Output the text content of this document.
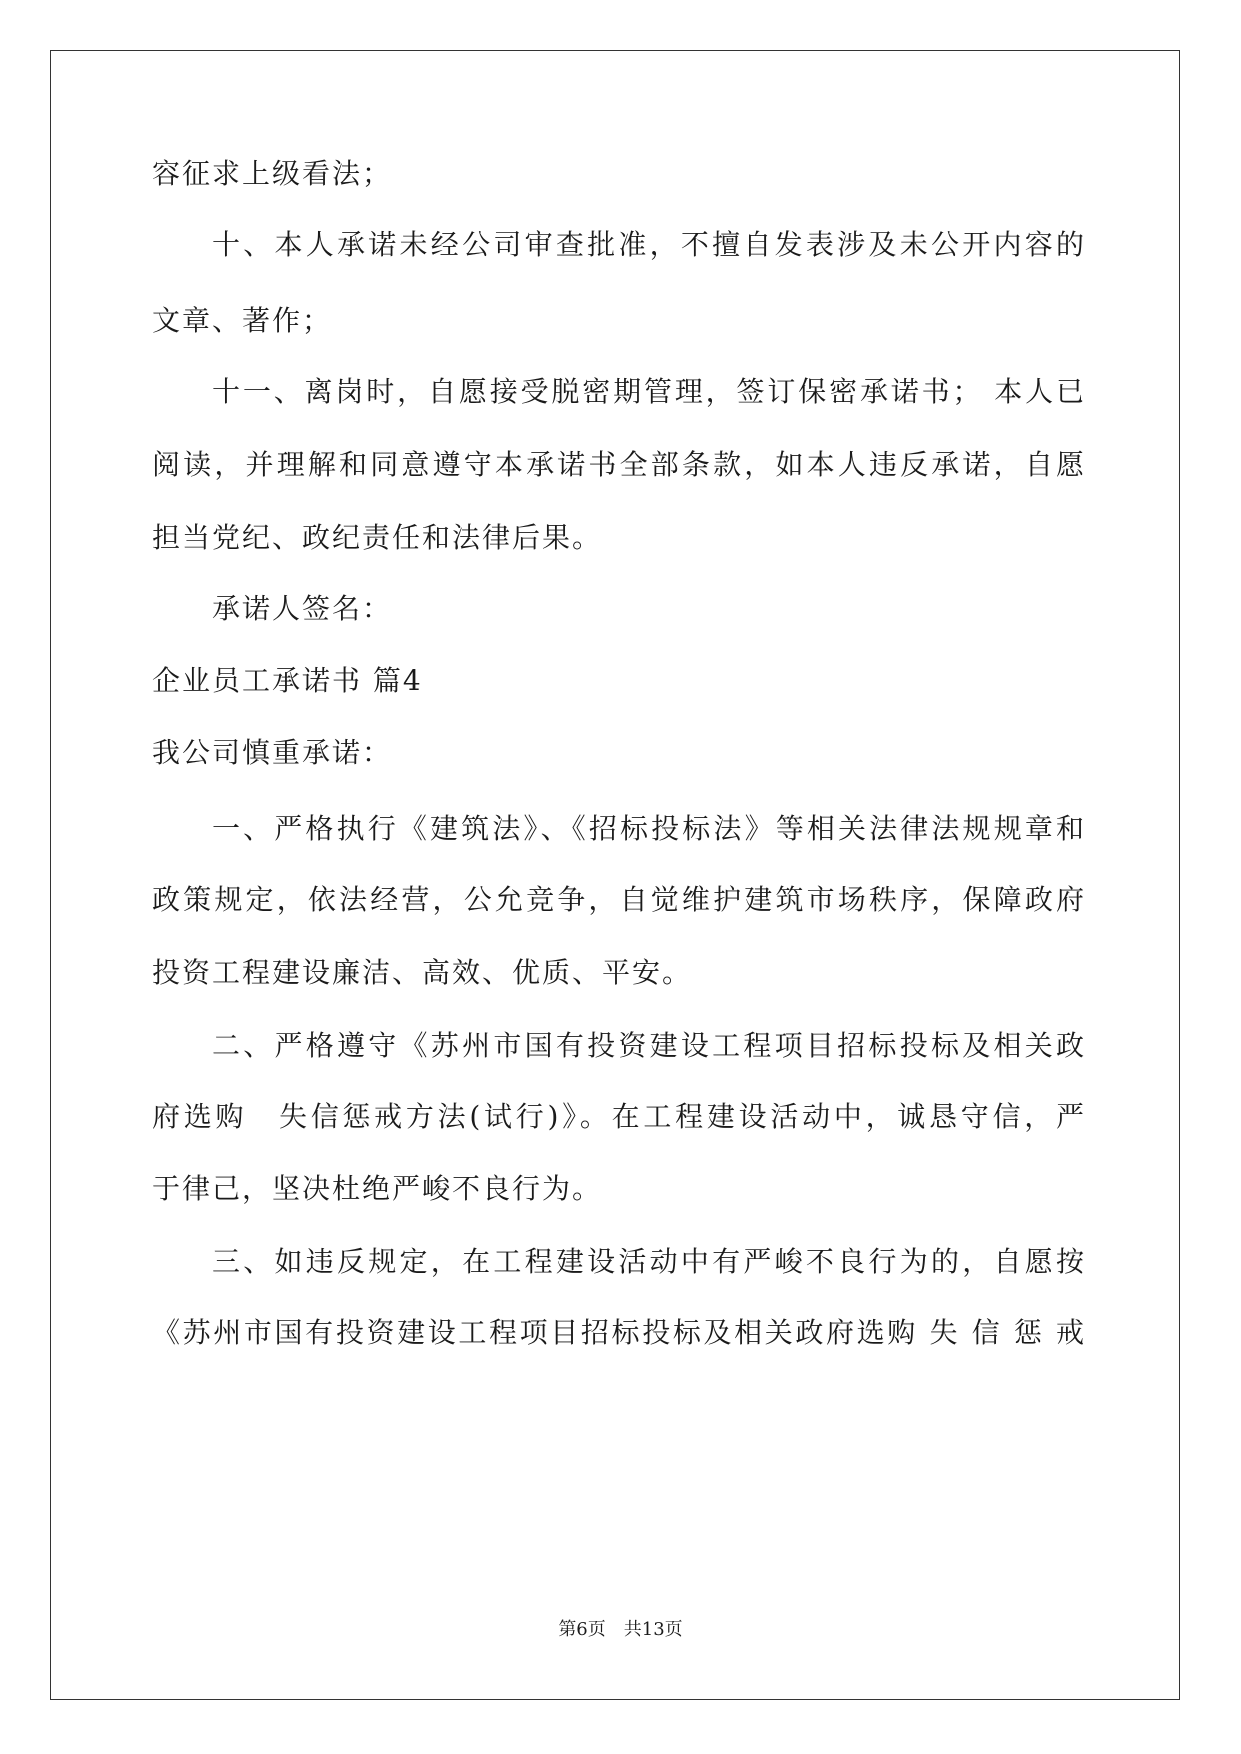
容征求上级看法；
十、本人承诺未经公司审查批准，不擅自发表涉及未公开内容的
文章、著作；
十一、离岗时，自愿接受脱密期管理，签订保密承诺书； 本人已
阅读，并理解和同意遵守本承诺书全部条款，如本人违反承诺，自愿
担当党纪、政纪责任和法律后果。
承诺人签名：
企业员工承诺书 篇4
我公司慎重承诺：
一、严格执行《建筑法》、《招标投标法》等相关法律法规规章和
政策规定，依法经营，公允竞争，自觉维护建筑市场秩序，保障政府
投资工程建设廉洁、高效、优质、平安。
二、严格遵守《苏州市国有投资建设工程项目招标投标及相关政
府选购　失信惩戒方法(试行)》。在工程建设活动中，诚恳守信，严
于律己，坚决杜绝严峻不良行为。
三、如违反规定，在工程建设活动中有严峻不良行为的，自愿按
《苏州市国有投资建设工程项目招标投标及相关政府选购 失 信 惩 戒
第6页　共13页
